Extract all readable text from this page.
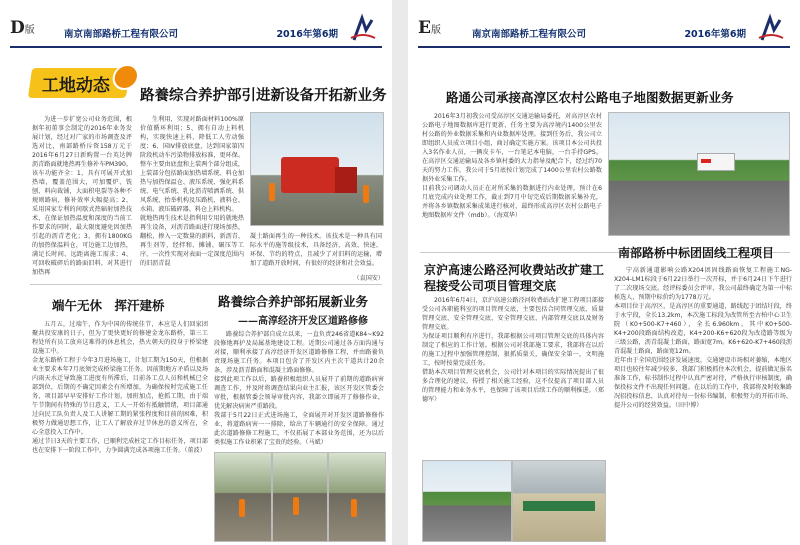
D版	南京南部路桥工程有限公司	2016年第6期
工地动态 路養综合养护部引进新设备开拓新业务
为进一步扩宽公司业务范围，根据年初董事会制定的2016年业务发展计划，经过对广家的市场调查及评选对比，南部路桥斥资158万元于2016年6月27日新购置一台英达牌沥青路面就地热再生修补车PM390。该车功能齐全：1、具有可展开式加热墙，覆盖范围大，可加覆炉、铣刨、料向裁铺，大面积电裂等各种不规则路病，修补效率大幅提高；2、采用国家专利的间歇式热辐射加热技术，在保证加热温度和深度的当前工作要求的同时，最大限度避免因加热引起的沥青老化；3、拥有1800KG的加热保温料仓，可边施工边加热，满足长时间、远距离施工需求；4、可回收破碎后的路面旧料，对其进行加热再
生利用，实现对路面材料100%原价值循环利用；5、拥有自动上料机构，实现快速上料，降低工人劳动强度；6、国IV排放底盘，达到国家第四阶段机动车污染物排放标准，更环保。整车主要由底盘和上装两个部分组成，上装部分包括路面加热墙系统、料仓加热与加热保温仓、液压系统、强化料系统、电气系统、乳化沥青喷洒系统、供风系统、抬举机构及压路机、液料仓、水箱、液压破碎器、料仓上料机构。
就地热再生技术是指利用专用的就地热再生设备，对沥青路面进行现场加热、翻松，掺入一定数量的新料，新沥青、再生剂等，经拌和、摊铺、碾压等工序，一次性实现对表面一定深度范围内的旧沥青混
凝土路面再生的一种技术。该技术是一种具有国际水平的施等级技术，具备经济、高效、快速、环保、节约的特点，且减少了对旧料的运输，增加了道路开放时间，有很好的经济和社会效益。
（袁国安）
端午无休　挥汗建桥
五月五，过端午，作为中国的传统佳节，本应是人们回家团聚共投安康的日子，但为了更快更好的修建金龙东路桥，第三工程处所有员工放弃这难得的休息机会，热火朝天的投身于桥梁建设施工中。
金龙东路桥工程于今年3月进场施工，计划工期为150天，但根据业主要求本年7月底须完成桥梁施工任务。因前期地方矛盾以及场内雨天水迁导致施工进度有所滞后，目前各工点人员和机械已全部到位，后期的不确定因素会有所增加，为确保按时完成施工任务，项目部早早安排好工作计划，加班加点，抢抓工期，由于端午节期间有特殊的节日意义，工人一开始有抵触情绪，项目部通过向民工队负责人及工人讲解工期的紧张程度和目前的困难，积极努力做通思想工作，让工人了解放弃过节休息的意义所在，全心全意投入工作中。
通过节日3天的主要工作，已顺利完成桩定工作目标任务，项目部也在安排下一阶段工作中，力争圆满完成各项施工任务。（董波）
路養综合养护部拓展新业务
——高淳经济开发区道路修修
路養综合养护部自成立以来，一直负责246省道K84~K92段修地再护及局属基地建设工程。近期公司通过各方面沟通与对接，顺利承接了高淳经济开发区道路修修工程，并由路養负责现场施工任务。本项目包含了开发区内主次干道共计20余条，涉及沥青路面和混凝土路面修修。
接到此项工作以后，路養积极组织人员展开了前期的道路病害调查工作，并及时将调查结果向业主汇报，该区开发区管委会审批，根据管委会领导审批内容，我部立即展开了修修作业，优先解决病害严重路段。
我部于5月22日正式进场施工，全面展开对开发区道路修修作业，将道路病害一一排除，给出了车辆通行的安全保障。通过此次道路修修工程施工，不仅拓展了本部业务范围，还为以后类似施工作业积累了宝贵的经验。（马斌）
E版	南京南部路桥工程有限公司	2016年第6期
路通公司承接高淳区农村公路电子地图数据更新业务
2016年3月初我公司受高淳区交通运输局委托，对高淳区农村公路电子地图数据库进行更新，任务主要为高淳境内1400公里农村公路的外业数据采集和内业数据库处理。接到任务后，我公司立即组织人员成立项目小组，商讨确定实施方案。该项目本公司共投入3名作业人员，一辆皮卡车，一台笔记本电脑，一台手持GPS。在高淳区交通运输局及各乡镇村委的大力指导及配合下，经过约70天的努力工作，我公司于5月底按计划完成了1400公里农村公路数据外业采集工作。
目前我公司调动人员正在对所采集的数据进行内业处理，预计在6月底完成内业处理工作，截止到7月中旬完成后期数据采集补充，并将各乡镇数据采集成果进行核对，最终形成高淳区农村公路电子地图数据库文件（mdb）。（海双华）
京沪高速公路泾河收费站改扩建工程接受公司项目管理交底
2016年6月4日，京沪高速公路泾河收费站改扩建工程项目部接受公司各职能科室的项目管理交底，主要包括合同管理交底、质量管理交底、安全管理交底、安全管理交底、内部管理交底以及财务管理交底。
为保证项目顺利有序进行，我部根据公司项目管理交底的具体内容制定了相应的工作计划。根据公司对我部施工要求，我部将在以后的施工过程中加强管理控制，狠抓质量关，确保安全第一，文明施工，按时按量完成任务。
借助本次项目管理交底机会，公司针对本项目的实际情况提出了很多合理化的建议，传授了相关施工经验，这不仅提高了项目部人员的管理能力和业务水平，也保障了该项目后续工作的顺利推进。（郑德军）
南部路桥中标团固线工程项目
宁高新通道影响公路X204团固线路面恢复工程施工NG-X204-LM1标段于6月22日举行一次开标，并于6月24日下午进行了二次现场交底。经评标委员会评审，我公司最终确定为第一中标候选人，预期中标价约为1778万元。
本项目位于高淳区，是高淳区的重要通道，路线起于团结圩段，终于永宁段，全长13.2km，本次施工标段为改管所至古柏中心卫生院（K0+500-K7+460），全长6.960km。其中K0+500-K4+200段路面结构改造，K4+200-K6+620段为改造路等级为三级公路，沥青混凝土路面，路面宽7m。K6+620-K7+460段沥青混凝土路面，路面宽12m。
近年由于全国范围经济发展速度，交通建设市场相对萎缩，本地区项目也较往年减少较多，我部门积极抓住本次机会，提前做足报名准备工作，标书制作过程中认真严密对待，严格执行审核制度，确保投标文件不出现任何问题。在以后的工作中，我部将及时收集路况招投标信息，认真对待每一份标书编制，积极努力的开拓市场、提升公司的经营效益。（田中博）
